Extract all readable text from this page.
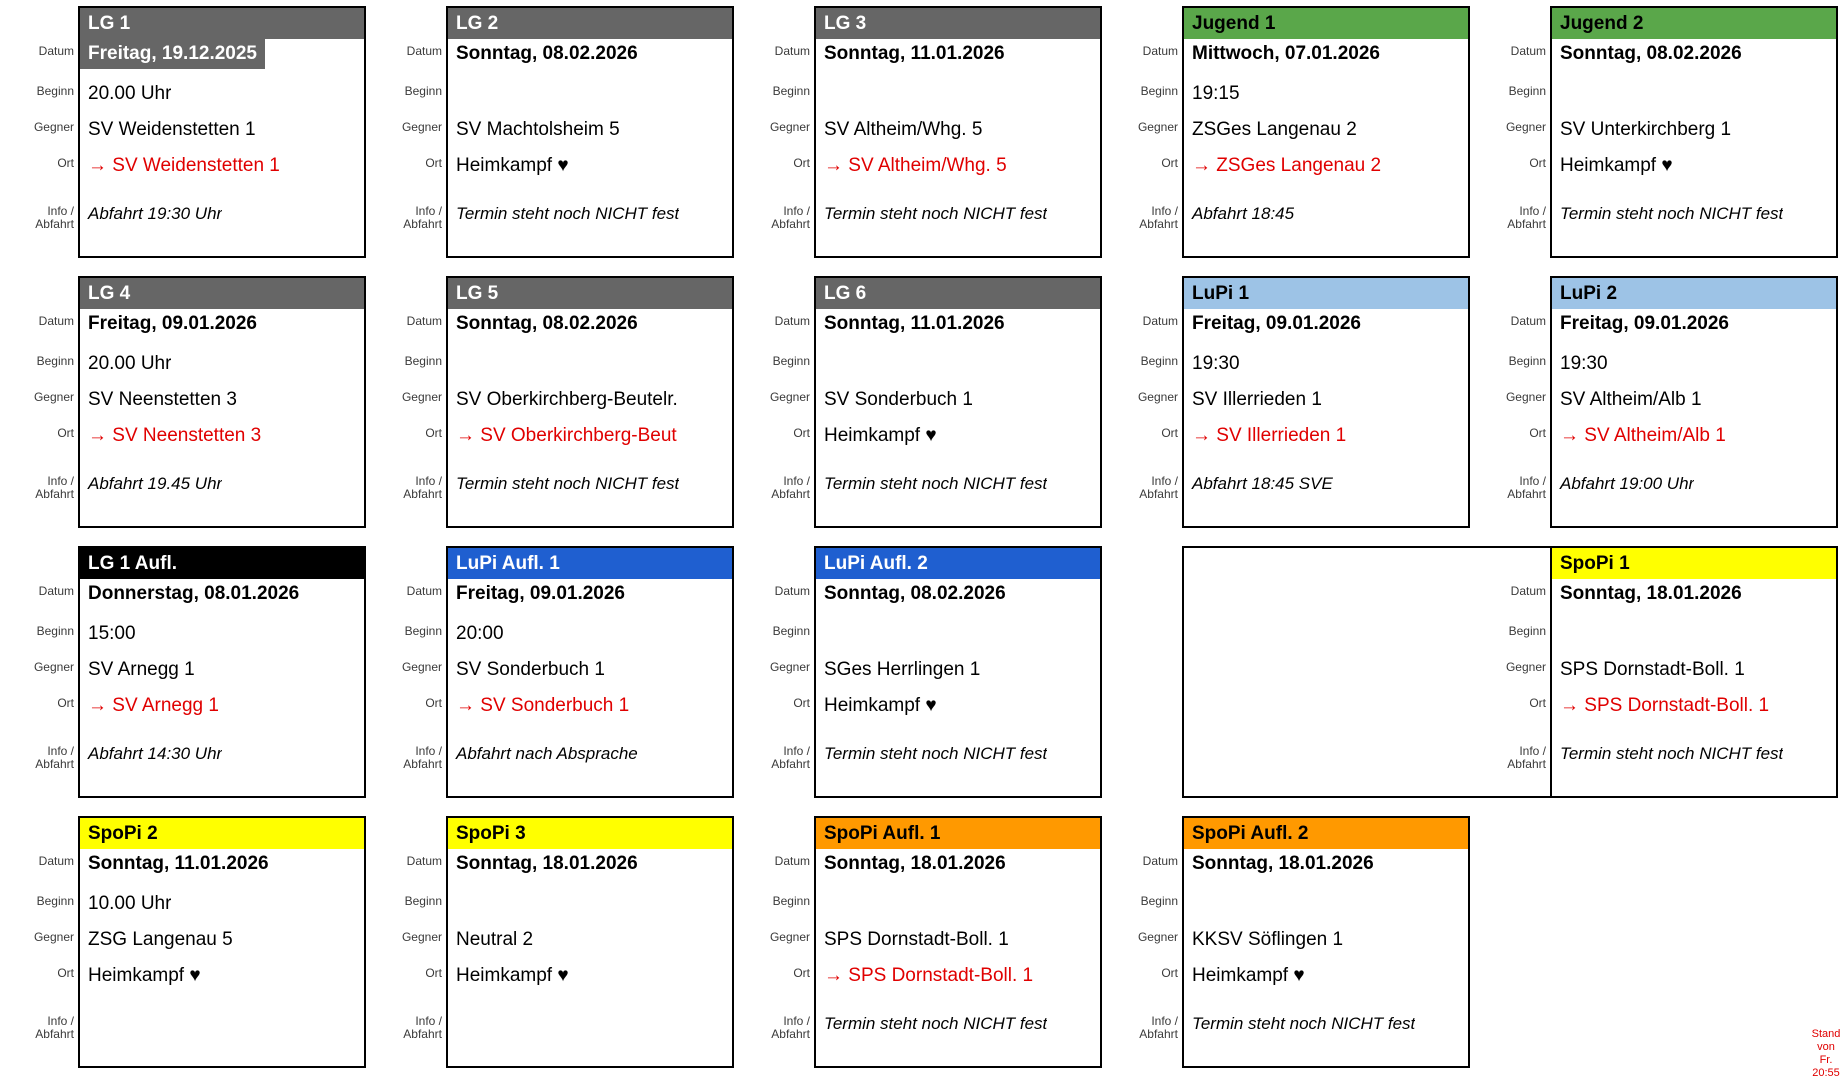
LG 1
Datum Freitag, 19.12.2025
Beginn 20.00 Uhr
Gegner SV Weidenstetten 1
Ort → SV Weidenstetten 1
Info /
Abfahrt
Abfahrt 19:30 Uhr
LG 2
Datum Sonntag, 08.02.2026
Beginn
Gegner SV Machtolsheim 5
Ort Heimkampf ♥
Info /
Abfahrt
Termin steht noch NICHT fest
LG 3
Datum Sonntag, 11.01.2026
Beginn
Gegner SV Altheim/Whg. 5
Ort → SV Altheim/Whg. 5
Info /
Abfahrt
Termin steht noch NICHT fest
Jugend 1
Datum Mittwoch, 07.01.2026
Beginn 19:15
Gegner ZSGes Langenau 2
Ort → ZSGes Langenau 2
Info /
Abfahrt
Abfahrt 18:45
Jugend 2
Datum Sonntag, 08.02.2026
Beginn
Gegner SV Unterkirchberg 1
Ort Heimkampf ♥
Info /
Abfahrt
Termin steht noch NICHT fest
LG 4
Datum Freitag, 09.01.2026
Beginn 20.00 Uhr
Gegner SV Neenstetten 3
Ort → SV Neenstetten 3
Info /
Abfahrt
Abfahrt 19.45 Uhr
LG 5
Datum Sonntag, 08.02.2026
Beginn
Gegner SV Oberkirchberg-Beutelr.
Ort → SV Oberkirchberg-Beut
Info /
Abfahrt
Termin steht noch NICHT fest
LG 6
Datum Sonntag, 11.01.2026
Beginn
Gegner SV Sonderbuch 1
Ort Heimkampf ♥
Info /
Abfahrt
Termin steht noch NICHT fest
LuPi 1
Datum Freitag, 09.01.2026
Beginn 19:30
Gegner SV Illerrieden 1
Ort → SV Illerrieden 1
Info /
Abfahrt
Abfahrt 18:45 SVE
LuPi 2
Datum Freitag, 09.01.2026
Beginn 19:30
Gegner SV Altheim/Alb 1
Ort → SV Altheim/Alb 1
Info /
Abfahrt
Abfahrt 19:00 Uhr
LG 1 Aufl.
Datum Donnerstag, 08.01.2026
Beginn 15:00
Gegner SV Arnegg 1
Ort → SV Arnegg 1
Info /
Abfahrt
Abfahrt 14:30 Uhr
LuPi Aufl. 1
Datum Freitag, 09.01.2026
Beginn 20:00
Gegner SV Sonderbuch 1
Ort → SV Sonderbuch 1
Info /
Abfahrt
Abfahrt nach Absprache
LuPi Aufl. 2
Datum Sonntag, 08.02.2026
Beginn
Gegner SGes Herrlingen 1
Ort Heimkampf ♥
Info /
Abfahrt
Termin steht noch NICHT fest
SpoPi 1
Datum Sonntag, 18.01.2026
Beginn
Gegner SPS Dornstadt-Boll. 1
Ort → SPS Dornstadt-Boll. 1
Info /
Abfahrt
Termin steht noch NICHT fest
SpoPi 2
Datum Sonntag, 11.01.2026
Beginn 10.00 Uhr
Gegner ZSG Langenau 5
Ort Heimkampf ♥
Info /
Abfahrt
SpoPi 3
Datum Sonntag, 18.01.2026
Beginn
Gegner Neutral 2
Ort Heimkampf ♥
Info /
Abfahrt
SpoPi Aufl. 1
Datum Sonntag, 18.01.2026
Beginn
Gegner SPS Dornstadt-Boll. 1
Ort → SPS Dornstadt-Boll. 1
Info /
Abfahrt
Termin steht noch NICHT fest
SpoPi Aufl. 2
Datum Sonntag, 18.01.2026
Beginn
Gegner KKSV Söflingen 1
Ort Heimkampf ♥
Info /
Abfahrt
Termin steht noch NICHT fest
Stand
von
Fr.
20:55
